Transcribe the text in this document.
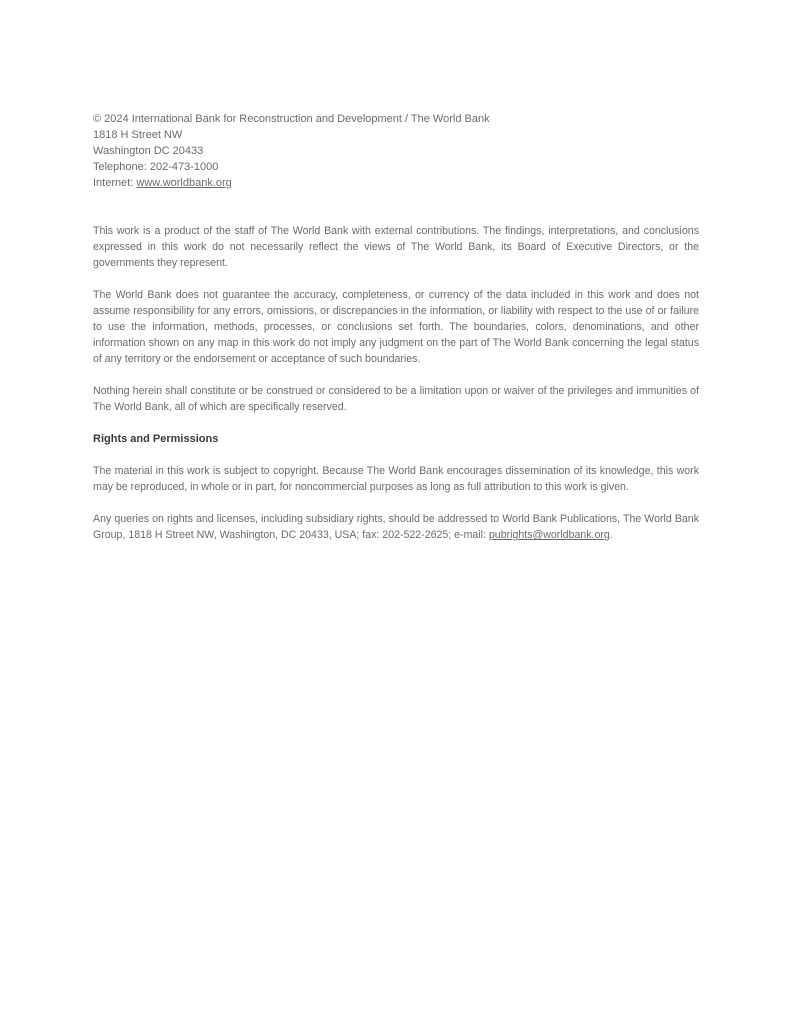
© 2024 International Bank for Reconstruction and Development / The World Bank

1818 H Street NW

Washington DC 20433

Telephone: 202-473-1000

Internet: www.worldbank.org

This work is a product of the staff of The World Bank with external contributions. The findings, interpretations, and conclusions expressed in this work do not necessarily reflect the views of The World Bank, its Board of Executive Directors, or the governments they represent.

The World Bank does not guarantee the accuracy, completeness, or currency of the data included in this work and does not assume responsibility for any errors, omissions, or discrepancies in the information, or liability with respect to the use of or failure to use the information, methods, processes, or conclusions set forth. The boundaries, colors, denominations, and other information shown on any map in this work do not imply any judgment on the part of The World Bank concerning the legal status of any territory or the endorsement or acceptance of such boundaries.

Nothing herein shall constitute or be construed or considered to be a limitation upon or waiver of the privileges and immunities of The World Bank, all of which are specifically reserved.

Rights and Permissions

The material in this work is subject to copyright. Because The World Bank encourages dissemination of its knowledge, this work may be reproduced, in whole or in part, for noncommercial purposes as long as full attribution to this work is given.

Any queries on rights and licenses, including subsidiary rights, should be addressed to World Bank Publications, The World Bank Group, 1818 H Street NW, Washington, DC 20433, USA; fax: 202-522-2625; e-mail: pubrights@worldbank.org.
